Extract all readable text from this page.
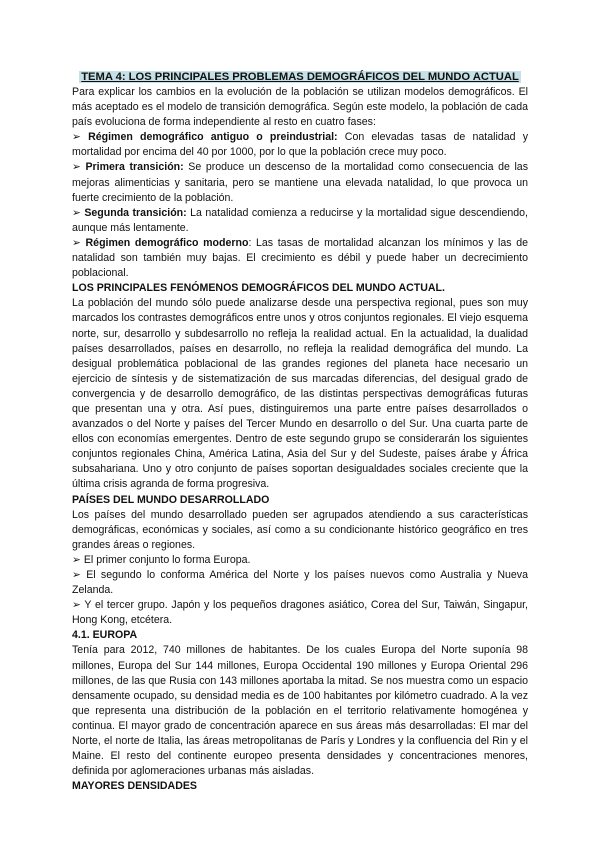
TEMA 4: LOS PRINCIPALES PROBLEMAS DEMOGRÁFICOS DEL MUNDO ACTUAL

Para explicar los cambios en la evolución de la población se utilizan modelos demográficos. El más aceptado es el modelo de transición demográfica. Según este modelo, la población de cada país evoluciona de forma independiente al resto en cuatro fases:

➢ Régimen demográfico antiguo o preindustrial: Con elevadas tasas de natalidad y mortalidad por encima del 40 por 1000, por lo que la población crece muy poco.

➢ Primera transición: Se produce un descenso de la mortalidad como consecuencia de las mejoras alimenticias y sanitaria, pero se mantiene una elevada natalidad, lo que provoca un fuerte crecimiento de la población.

➢ Segunda transición: La natalidad comienza a reducirse y la mortalidad sigue descendiendo, aunque más lentamente.

➢ Régimen demográfico moderno: Las tasas de mortalidad alcanzan los mínimos y las de natalidad son también muy bajas. El crecimiento es débil y puede haber un decrecimiento poblacional.

LOS PRINCIPALES FENÓMENOS DEMOGRÁFICOS DEL MUNDO ACTUAL.

La población del mundo sólo puede analizarse desde una perspectiva regional, pues son muy marcados los contrastes demográficos entre unos y otros conjuntos regionales. El viejo esquema norte, sur, desarrollo y subdesarrollo no refleja la realidad actual. En la actualidad, la dualidad países desarrollados, países en desarrollo, no refleja la realidad demográfica del mundo. La desigual problemática poblacional de las grandes regiones del planeta hace necesario un ejercicio de síntesis y de sistematización de sus marcadas diferencias, del desigual grado de convergencia y de desarrollo demográfico, de las distintas perspectivas demográficas futuras que presentan una y otra. Así pues, distinguiremos una parte entre países desarrollados o avanzados o del Norte y países del Tercer Mundo en desarrollo o del Sur. Una cuarta parte de ellos con economías emergentes. Dentro de este segundo grupo se considerarán los siguientes conjuntos regionales China, América Latina, Asia del Sur y del Sudeste, países árabe y África subsahariana. Uno y otro conjunto de países soportan desigualdades sociales creciente que la última crisis agranda de forma progresiva.

PAÍSES DEL MUNDO DESARROLLADO

Los países del mundo desarrollado pueden ser agrupados atendiendo a sus características demográficas, económicas y sociales, así como a su condicionante histórico geográfico en tres grandes áreas o regiones.

➢ El primer conjunto lo forma Europa.

➢ El segundo lo conforma América del Norte y los países nuevos como Australia y Nueva Zelanda.

➢ Y el tercer grupo. Japón y los pequeños dragones asiático, Corea del Sur, Taiwán, Singapur, Hong Kong, etcétera.

4.1. EUROPA

Tenía para 2012, 740 millones de habitantes. De los cuales Europa del Norte suponía 98 millones, Europa del Sur 144 millones, Europa Occidental 190 millones y Europa Oriental 296 millones, de las que Rusia con 143 millones aportaba la mitad. Se nos muestra como un espacio densamente ocupado, su densidad media es de 100 habitantes por kilómetro cuadrado. A la vez que representa una distribución de la población en el territorio relativamente homogénea y continua. El mayor grado de concentración aparece en sus áreas más desarrolladas: El mar del Norte, el norte de Italia, las áreas metropolitanas de París y Londres y la confluencia del Rin y el Maine. El resto del continente europeo presenta densidades y concentraciones menores, definida por aglomeraciones urbanas más aisladas.

MAYORES DENSIDADES
